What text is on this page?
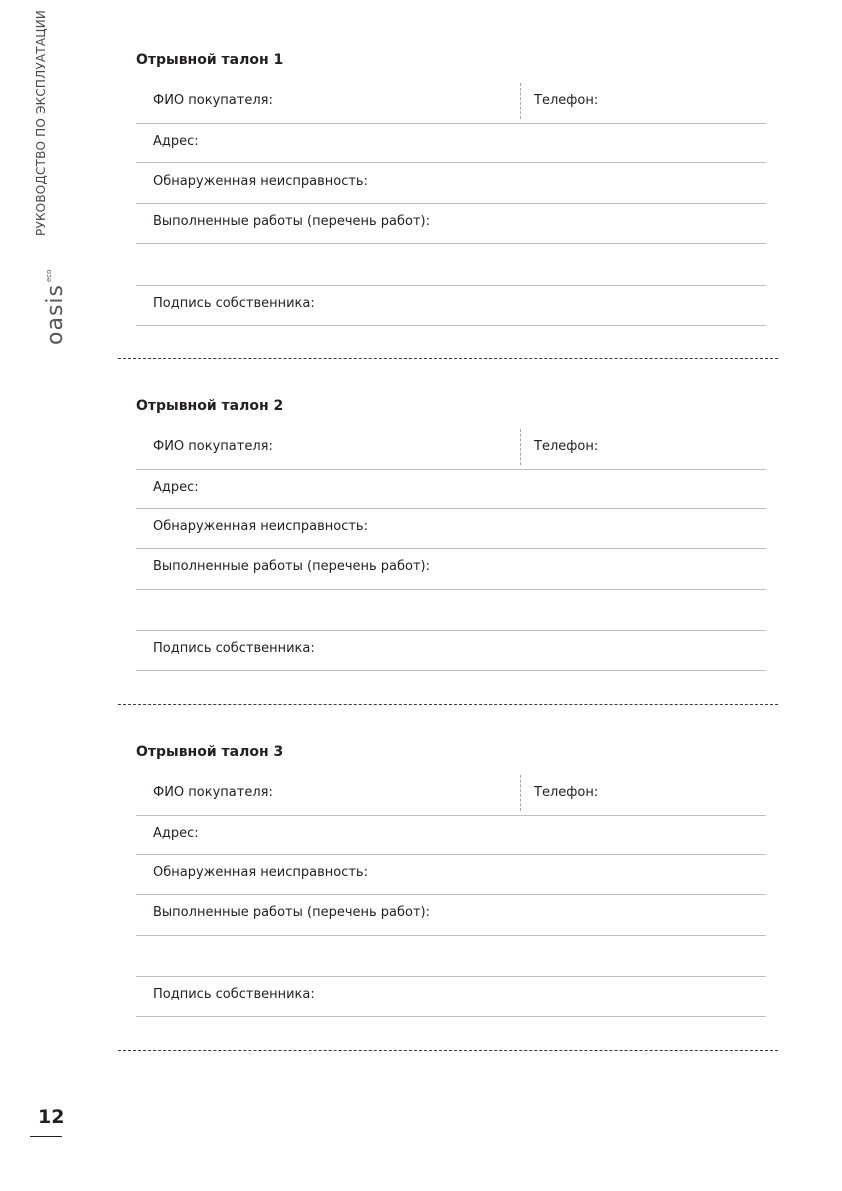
РУКОВОДСТВО ПО ЭКСПЛУАТАЦИИ
oasis$^{eco}$
Отрывной талон 1
ФИО покупателя:	Телефон:
Адрес:
Обнаруженная неисправность:
Выполненные работы (перечень работ):
Подпись собственника:
Отрывной талон 2
ФИО покупателя:	Телефон:
Адрес:
Обнаруженная неисправность:
Выполненные работы (перечень работ):
Подпись собственника:
Отрывной талон 3
ФИО покупателя:	Телефон:
Адрес:
Обнаруженная неисправность:
Выполненные работы (перечень работ):
Подпись собственника:
12
